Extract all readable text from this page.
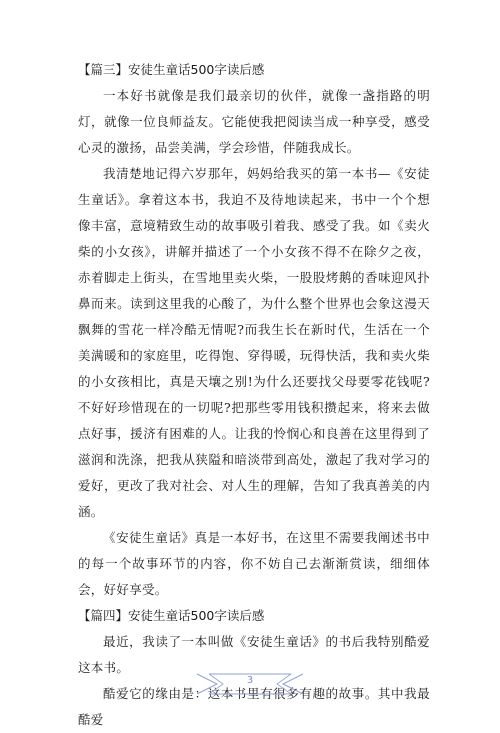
【篇三】安徒生童话500字读后感

一本好书就像是我们最亲切的伙伴，就像一盏指路的明灯，就像一位良师益友。它能使我把阅读当成一种享受，感受心灵的激扬，品尝美满，学会珍惜，伴随我成长。

我清楚地记得六岁那年，妈妈给我买的第一本书—《安徒生童话》。拿着这本书，我迫不及待地读起来，书中一个个想像丰富，意境精致生动的故事吸引着我、感受了我。如《卖火柴的小女孩》，讲解并描述了一个小女孩不得不在除夕之夜，赤着脚走上街头，在雪地里卖火柴，一股股烤鹅的香味迎风扑鼻而来。读到这里我的心酸了，为什么整个世界也会象这漫天飘舞的雪花一样冷酷无情呢?而我生长在新时代，生活在一个美满暖和的家庭里，吃得饱、穿得暖，玩得快活，我和卖火柴的小女孩相比，真是天壤之别!为什么还要找父母要零花钱呢?不好好珍惜现在的一切呢?把那些零用钱积攒起来，将来去做点好事，援济有困难的人。让我的怜悯心和良善在这里得到了滋润和洗涤，把我从狭隘和暗淡带到高处，激起了我对学习的爱好，更改了我对社会、对人生的理解，告知了我真善美的内涵。

《安徒生童话》真是一本好书，在这里不需要我阐述书中的每一个故事环节的内容，你不妨自己去渐渐赏读，细细体会，好好享受。

【篇四】安徒生童话500字读后感

最近，我读了一本叫做《安徒生童话》的书后我特别酷爱这本书。

酷爱它的缘由是：这本书里有很多有趣的故事。其中我最酷爱

3
